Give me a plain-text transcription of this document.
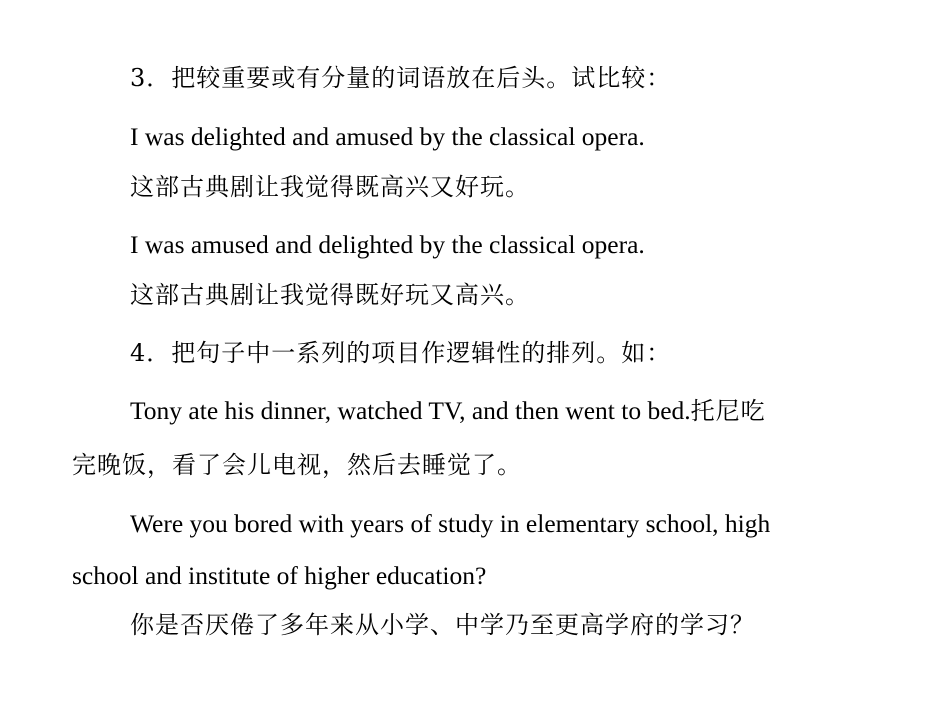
3．把较重要或有分量的词语放在后头。试比较：
I was delighted and amused by the classical opera.
这部古典剧让我觉得既高兴又好玩。
I was amused and delighted by the classical opera.
这部古典剧让我觉得既好玩又高兴。
4．把句子中一系列的项目作逻辑性的排列。如：
Tony ate his dinner, watched TV, and then went to bed.托尼吃
完晚饭，看了会儿电视，然后去睡觉了。
Were you bored with years of study in elementary school, high
school and institute of higher education?
你是否厌倦了多年来从小学、中学乃至更高学府的学习？
